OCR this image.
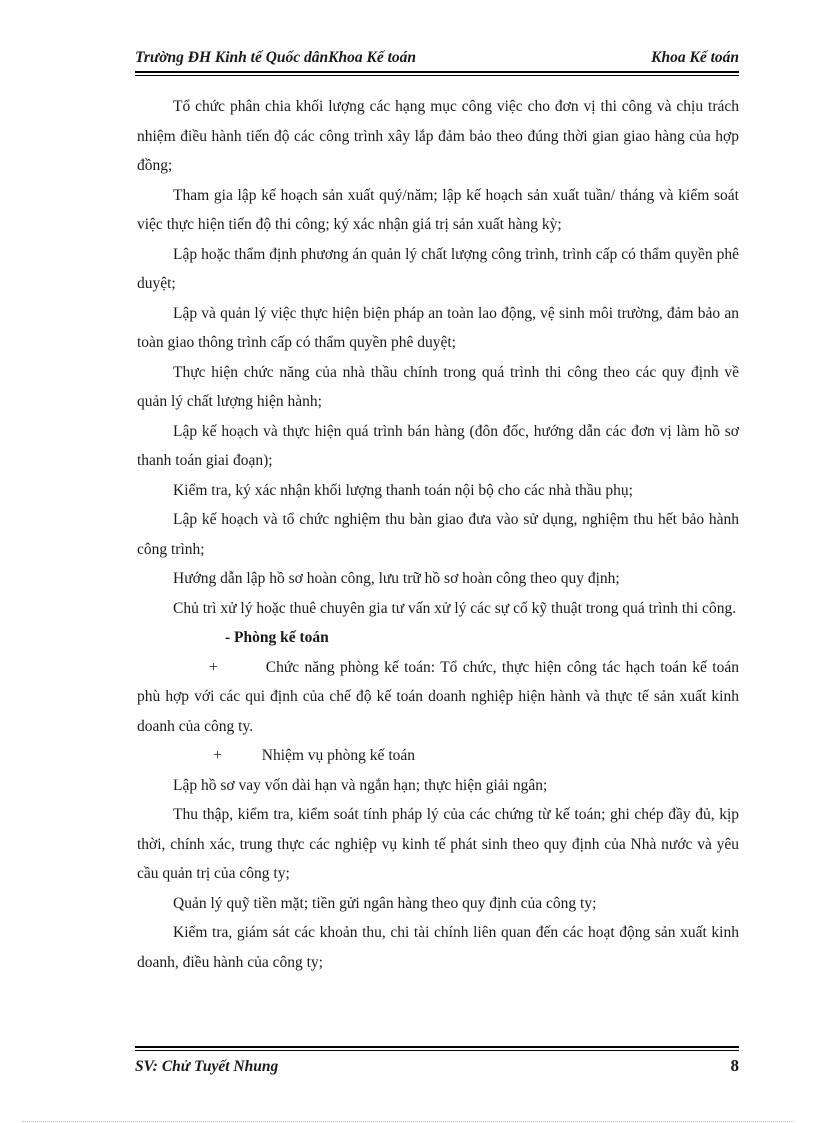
Trường ĐH Kinh tế Quốc dânKhoa Kế toán	Khoa Kế toán

Tổ chức phân chia khối lượng các hạng mục công việc cho đơn vị thi công và chịu trách nhiệm điều hành tiến độ các công trình xây lắp đảm bảo theo đúng thời gian giao hàng của hợp đồng;

Tham gia lập kế hoạch sản xuất quý/năm; lập kế hoạch sản xuất tuần/ tháng và kiểm soát việc thực hiện tiến độ thi công; ký xác nhận giá trị sản xuất hàng kỳ;

Lập hoặc thẩm định phương án quản lý chất lượng công trình, trình cấp có thẩm quyền phê duyệt;

Lập và quản lý việc thực hiện biện pháp an toàn lao động, vệ sinh môi trường, đảm bảo an toàn giao thông trình cấp có thẩm quyền phê duyệt;

Thực hiện chức năng của nhà thầu chính trong quá trình thi công theo các quy định về quản lý chất lượng hiện hành;

Lập kế hoạch và thực hiện quá trình bán hàng (đôn đốc, hướng dẫn các đơn vị làm hồ sơ thanh toán giai đoạn);

Kiểm tra, ký xác nhận khối lượng thanh toán nội bộ cho các nhà thầu phụ;

Lập kế hoạch và tổ chức nghiệm thu bàn giao đưa vào sử dụng, nghiệm thu hết bảo hành công trình;

Hướng dẫn lập hồ sơ hoàn công, lưu trữ hồ sơ hoàn công theo quy định;

Chủ trì xử lý hoặc thuê chuyên gia tư vấn xử lý các sự cố kỹ thuật trong quá trình thi công.

- Phòng kế toán

+	Chức năng phòng kế toán: Tổ chức, thực hiện công tác hạch toán kế toán phù hợp với các qui định của chế độ kế toán doanh nghiệp hiện hành và thực tế sản xuất kinh doanh của công ty.

+	Nhiệm vụ phòng kế toán

Lập hồ sơ vay vốn dài hạn và ngắn hạn; thực hiện giải ngân;

Thu thập, kiểm tra, kiểm soát tính pháp lý của các chứng từ kế toán; ghi chép đầy đủ, kịp thời, chính xác, trung thực các nghiệp vụ kinh tế phát sinh theo quy định của Nhà nước và yêu cầu quản trị của công ty;

Quản lý quỹ tiền mặt; tiền gửi ngân hàng theo quy định của công ty;

Kiểm tra, giám sát các khoản thu, chi tài chính liên quan đến các hoạt động sản xuất kinh doanh, điều hành của công ty;

SV: Chử Tuyết Nhung	8
